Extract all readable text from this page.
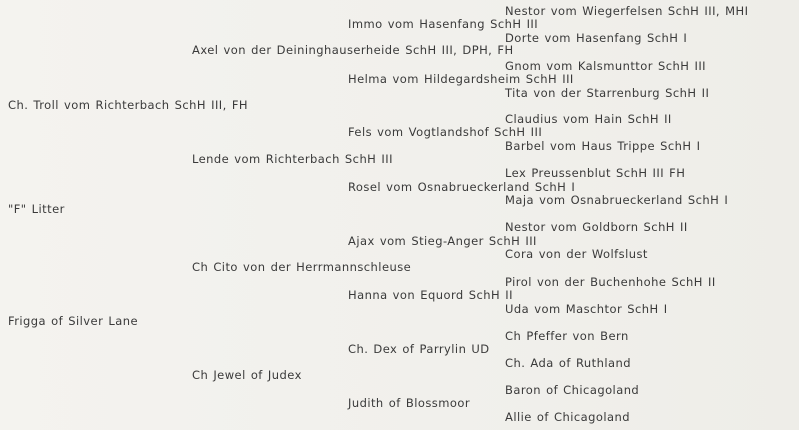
"F" Litter
Ch. Troll vom Richterbach SchH III, FH
Axel von der Deininghauserheide SchH III, DPH, FH
Immo vom Hasenfang SchH III
Nestor vom Wiegerfelsen SchH III, MHI
Dorte vom Hasenfang SchH I
Helma vom Hildegardsheim SchH III
Gnom vom Kalsmunttor SchH III
Tita von der Starrenburg SchH II
Lende vom Richterbach SchH III
Fels vom Vogtlandshof SchH III
Claudius vom Hain SchH II
Barbel vom Haus Trippe SchH I
Rosel vom Osnabrueckerland SchH I
Lex Preussenblut SchH III FH
Maja vom Osnabrueckerland SchH I
Frigga of Silver Lane
Ch Cito von der Herrmannschleuse
Ajax vom Stieg-Anger SchH III
Nestor vom Goldborn SchH II
Cora von der Wolfslust
Hanna von Equord SchH II
Pirol von der Buchenhohe SchH II
Uda vom Maschtor SchH I
Ch Jewel of Judex
Ch. Dex of Parrylin UD
Ch Pfeffer von Bern
Ch. Ada of Ruthland
Judith of Blossmoor
Baron of Chicagoland
Allie of Chicagoland
